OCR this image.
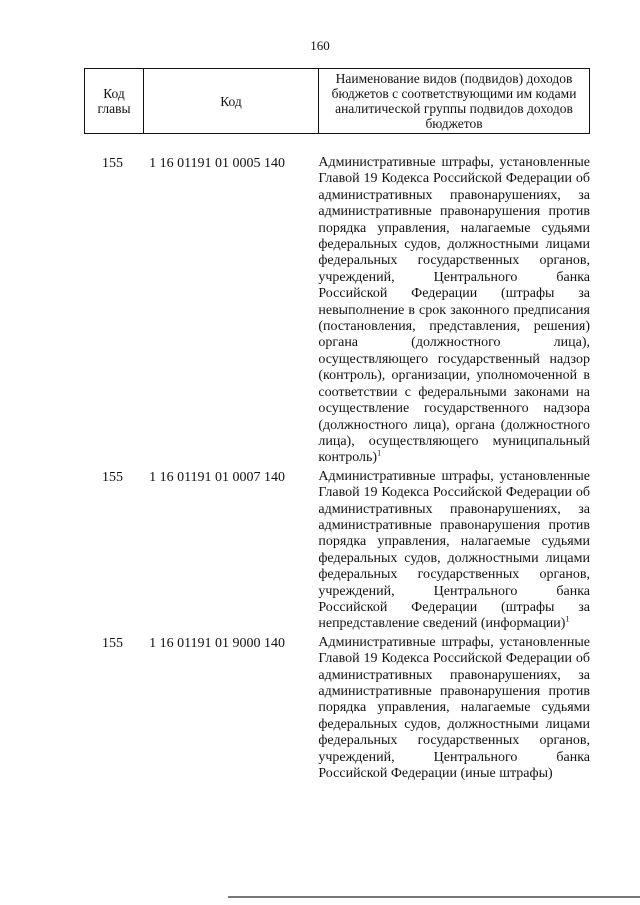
160
Код главы	Код	Наименование видов (подвидов) доходов бюджетов с соответствующими им кодами аналитической группы подвидов доходов бюджетов
155	1 16 01191 01 0005 140	Административные штрафы, установленные Главой 19 Кодекса Российской Федерации об административных правонарушениях, за административные правонарушения против порядка управления, налагаемые судьями федеральных судов, должностными лицами федеральных государственных органов, учреждений, Центрального банка Российской Федерации (штрафы за невыполнение в срок законного предписания (постановления, представления, решения) органа (должностного лица), осуществляющего государственный надзор (контроль), организации, уполномоченной в соответствии с федеральными законами на осуществление государственного надзора (должностного лица), органа (должностного лица), осуществляющего муниципальный контроль)$^1$
155	1 16 01191 01 0007 140	Административные штрафы, установленные Главой 19 Кодекса Российской Федерации об административных правонарушениях, за административные правонарушения против порядка управления, налагаемые судьями федеральных судов, должностными лицами федеральных государственных органов, учреждений, Центрального банка Российской Федерации (штрафы за непредставление сведений (информации)$^1$
155	1 16 01191 01 9000 140	Административные штрафы, установленные Главой 19 Кодекса Российской Федерации об административных правонарушениях, за административные правонарушения против порядка управления, налагаемые судьями федеральных судов, должностными лицами федеральных государственных органов, учреждений, Центрального банка Российской Федерации (иные штрафы)
